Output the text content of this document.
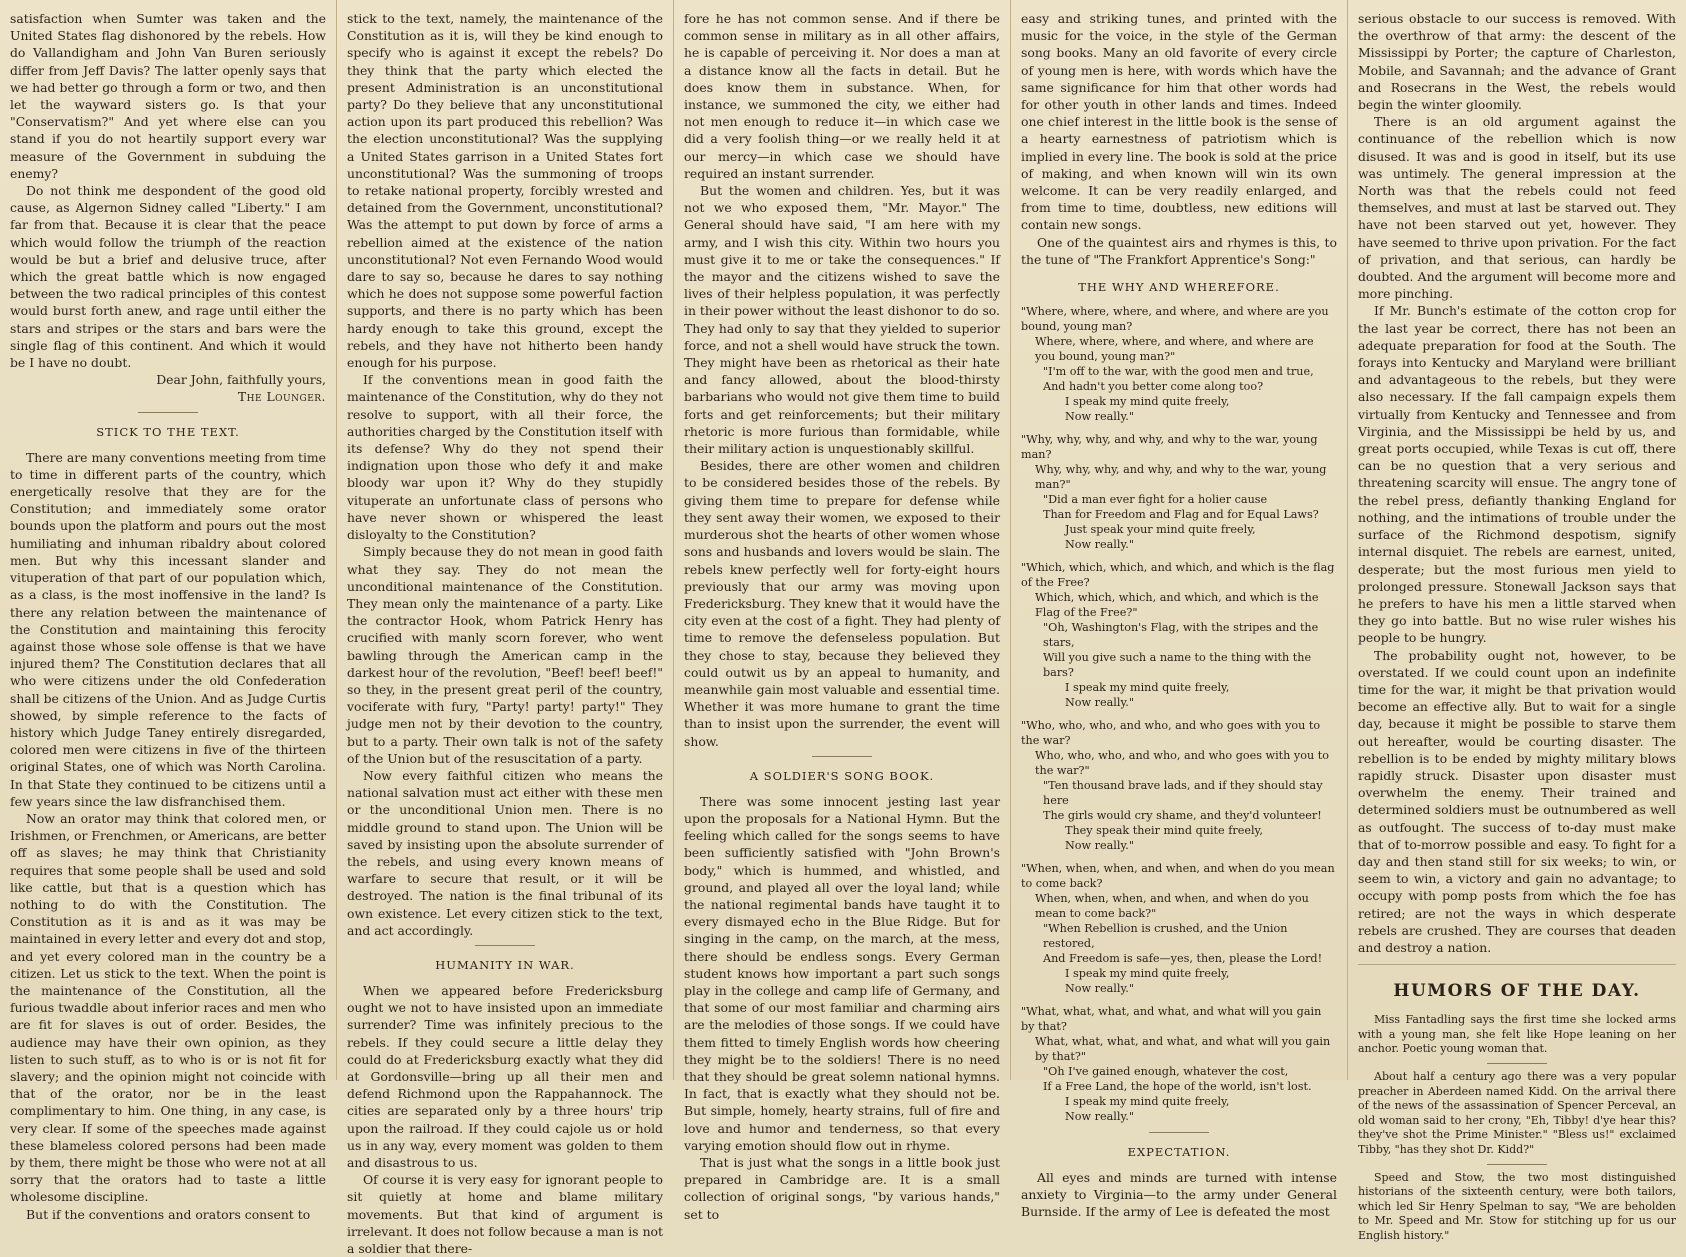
satisfaction when Sumter was taken and the United States flag dishonored by the rebels. How do Vallandigham and John Van Buren seriously differ from Jeff Davis? The latter openly says that we had better go through a form or two, and then let the wayward sisters go. Is that your "Conservatism?" And yet where else can you stand if you do not heartily support every war measure of the Government in subduing the enemy?

Do not think me despondent of the good old cause, as Algernon Sidney called "Liberty." I am far from that. Because it is clear that the peace which would follow the triumph of the reaction would be but a brief and delusive truce, after which the great battle which is now engaged between the two radical principles of this contest would burst forth anew, and rage until either the stars and stripes or the stars and bars were the single flag of this continent. And which it would be I have no doubt.

Dear John, faithfully yours,

The Lounger.

STICK TO THE TEXT.

There are many conventions meeting from time to time in different parts of the country, which energetically resolve that they are for the Constitution; and immediately some orator bounds upon the platform and pours out the most humiliating and inhuman ribaldry about colored men. But why this incessant slander and vituperation of that part of our population which, as a class, is the most inoffensive in the land? Is there any relation between the maintenance of the Constitution and maintaining this ferocity against those whose sole offense is that we have injured them? The Constitution declares that all who were citizens under the old Confederation shall be citizens of the Union. And as Judge Curtis showed, by simple reference to the facts of history which Judge Taney entirely disregarded, colored men were citizens in five of the thirteen original States, one of which was North Carolina. In that State they continued to be citizens until a few years since the law disfranchised them.

Now an orator may think that colored men, or Irishmen, or Frenchmen, or Americans, are better off as slaves; he may think that Christianity requires that some people shall be used and sold like cattle, but that is a question which has nothing to do with the Constitution. The Constitution as it is and as it was may be maintained in every letter and every dot and stop, and yet every colored man in the country be a citizen. Let us stick to the text. When the point is the maintenance of the Constitution, all the furious twaddle about inferior races and men who are fit for slaves is out of order. Besides, the audience may have their own opinion, as they listen to such stuff, as to who is or is not fit for slavery; and the opinion might not coincide with that of the orator, nor be in the least complimentary to him. One thing, in any case, is very clear. If some of the speeches made against these blameless colored persons had been made by them, there might be those who were not at all sorry that the orators had to taste a little wholesome discipline.

But if the conventions and orators consent to

stick to the text, namely, the maintenance of the Constitution as it is, will they be kind enough to specify who is against it except the rebels? Do they think that the party which elected the present Administration is an unconstitutional party? Do they believe that any unconstitutional action upon its part produced this rebellion? Was the election unconstitutional? Was the supplying a United States garrison in a United States fort unconstitutional? Was the summoning of troops to retake national property, forcibly wrested and detained from the Government, unconstitutional? Was the attempt to put down by force of arms a rebellion aimed at the existence of the nation unconstitutional? Not even Fernando Wood would dare to say so, because he dares to say nothing which he does not suppose some powerful faction supports, and there is no party which has been hardy enough to take this ground, except the rebels, and they have not hitherto been handy enough for his purpose.

If the conventions mean in good faith the maintenance of the Constitution, why do they not resolve to support, with all their force, the authorities charged by the Constitution itself with its defense? Why do they not spend their indignation upon those who defy it and make bloody war upon it? Why do they stupidly vituperate an unfortunate class of persons who have never shown or whispered the least disloyalty to the Constitution?

Simply because they do not mean in good faith what they say. They do not mean the unconditional maintenance of the Constitution. They mean only the maintenance of a party. Like the contractor Hook, whom Patrick Henry has crucified with manly scorn forever, who went bawling through the American camp in the darkest hour of the revolution, "Beef! beef! beef!" so they, in the present great peril of the country, vociferate with fury, "Party! party! party!" They judge men not by their devotion to the country, but to a party. Their own talk is not of the safety of the Union but of the resuscitation of a party.

Now every faithful citizen who means the national salvation must act either with these men or the unconditional Union men. There is no middle ground to stand upon. The Union will be saved by insisting upon the absolute surrender of the rebels, and using every known means of warfare to secure that result, or it will be destroyed. The nation is the final tribunal of its own existence. Let every citizen stick to the text, and act accordingly.

HUMANITY IN WAR.

When we appeared before Fredericksburg ought we not to have insisted upon an immediate surrender? Time was infinitely precious to the rebels. If they could secure a little delay they could do at Fredericksburg exactly what they did at Gordonsville—bring up all their men and defend Richmond upon the Rappahannock. The cities are separated only by a three hours' trip upon the railroad. If they could cajole us or hold us in any way, every moment was golden to them and disastrous to us.

Of course it is very easy for ignorant people to sit quietly at home and blame military movements. But that kind of argument is irrelevant. It does not follow because a man is not a soldier that there-

fore he has not common sense. And if there be common sense in military as in all other affairs, he is capable of perceiving it. Nor does a man at a distance know all the facts in detail. But he does know them in substance. When, for instance, we summoned the city, we either had not men enough to reduce it—in which case we did a very foolish thing—or we really held it at our mercy—in which case we should have required an instant surrender.

But the women and children. Yes, but it was not we who exposed them, "Mr. Mayor." The General should have said, "I am here with my army, and I wish this city. Within two hours you must give it to me or take the consequences." If the mayor and the citizens wished to save the lives of their helpless population, it was perfectly in their power without the least dishonor to do so. They had only to say that they yielded to superior force, and not a shell would have struck the town. They might have been as rhetorical as their hate and fancy allowed, about the blood-thirsty barbarians who would not give them time to build forts and get reinforcements; but their military rhetoric is more furious than formidable, while their military action is unquestionably skillful.

Besides, there are other women and children to be considered besides those of the rebels. By giving them time to prepare for defense while they sent away their women, we exposed to their murderous shot the hearts of other women whose sons and husbands and lovers would be slain. The rebels knew perfectly well for forty-eight hours previously that our army was moving upon Fredericksburg. They knew that it would have the city even at the cost of a fight. They had plenty of time to remove the defenseless population. But they chose to stay, because they believed they could outwit us by an appeal to humanity, and meanwhile gain most valuable and essential time. Whether it was more humane to grant the time than to insist upon the surrender, the event will show.

A SOLDIER'S SONG BOOK.

There was some innocent jesting last year upon the proposals for a National Hymn. But the feeling which called for the songs seems to have been sufficiently satisfied with "John Brown's body," which is hummed, and whistled, and ground, and played all over the loyal land; while the national regimental bands have taught it to every dismayed echo in the Blue Ridge. But for singing in the camp, on the march, at the mess, there should be endless songs. Every German student knows how important a part such songs play in the college and camp life of Germany, and that some of our most familiar and charming airs are the melodies of those songs. If we could have them fitted to timely English words how cheering they might be to the soldiers! There is no need that they should be great solemn national hymns. In fact, that is exactly what they should not be. But simple, homely, hearty strains, full of fire and love and humor and tenderness, so that every varying emotion should flow out in rhyme.

That is just what the songs in a little book just prepared in Cambridge are. It is a small collection of original songs, "by various hands," set to

easy and striking tunes, and printed with the music for the voice, in the style of the German song books. Many an old favorite of every circle of young men is here, with words which have the same significance for him that other words had for other youth in other lands and times. Indeed one chief interest in the little book is the sense of a hearty earnestness of patriotism which is implied in every line. The book is sold at the price of making, and when known will win its own welcome. It can be very readily enlarged, and from time to time, doubtless, new editions will contain new songs.

One of the quaintest airs and rhymes is this, to the tune of "The Frankfort Apprentice's Song:"

THE WHY AND WHEREFORE.
"Where, where, where, and where, and where are you bound, young man?
Where, where, where, and where, and where are you bound, young man?"
"I'm off to the war, with the good men and true,
And hadn't you better come along too?
I speak my mind quite freely,
Now really."
"Why, why, why, and why, and why to the war, young man?
Why, why, why, and why, and why to the war, young man?"
"Did a man ever fight for a holier cause
Than for Freedom and Flag and for Equal Laws?
Just speak your mind quite freely,
Now really."
"Which, which, which, and which, and which is the flag of the Free?
Which, which, which, and which, and which is the Flag of the Free?"
"Oh, Washington's Flag, with the stripes and the stars,
Will you give such a name to the thing with the bars?
I speak my mind quite freely,
Now really."
"Who, who, who, and who, and who goes with you to the war?
Who, who, who, and who, and who goes with you to the war?"
"Ten thousand brave lads, and if they should stay here
The girls would cry shame, and they'd volunteer!
They speak their mind quite freely,
Now really."
"When, when, when, and when, and when do you mean to come back?
When, when, when, and when, and when do you mean to come back?"
"When Rebellion is crushed, and the Union restored,
And Freedom is safe—yes, then, please the Lord!
I speak my mind quite freely,
Now really."
"What, what, what, and what, and what will you gain by that?
What, what, what, and what, and what will you gain by that?"
"Oh I've gained enough, whatever the cost,
If a Free Land, the hope of the world, isn't lost.
I speak my mind quite freely,
Now really."
EXPECTATION.

All eyes and minds are turned with intense anxiety to Virginia—to the army under General Burnside. If the army of Lee is defeated the most

serious obstacle to our success is removed. With the overthrow of that army: the descent of the Mississippi by Porter; the capture of Charleston, Mobile, and Savannah; and the advance of Grant and Rosecrans in the West, the rebels would begin the winter gloomily.

There is an old argument against the continuance of the rebellion which is now disused. It was and is good in itself, but its use was untimely. The general impression at the North was that the rebels could not feed themselves, and must at last be starved out. They have not been starved out yet, however. They have seemed to thrive upon privation. For the fact of privation, and that serious, can hardly be doubted. And the argument will become more and more pinching.

If Mr. Bunch's estimate of the cotton crop for the last year be correct, there has not been an adequate preparation for food at the South. The forays into Kentucky and Maryland were brilliant and advantageous to the rebels, but they were also necessary. If the fall campaign expels them virtually from Kentucky and Tennessee and from Virginia, and the Mississippi be held by us, and great ports occupied, while Texas is cut off, there can be no question that a very serious and threatening scarcity will ensue. The angry tone of the rebel press, defiantly thanking England for nothing, and the intimations of trouble under the surface of the Richmond despotism, signify internal disquiet. The rebels are earnest, united, desperate; but the most furious men yield to prolonged pressure. Stonewall Jackson says that he prefers to have his men a little starved when they go into battle. But no wise ruler wishes his people to be hungry.

The probability ought not, however, to be overstated. If we could count upon an indefinite time for the war, it might be that privation would become an effective ally. But to wait for a single day, because it might be possible to starve them out hereafter, would be courting disaster. The rebellion is to be ended by mighty military blows rapidly struck. Disaster upon disaster must overwhelm the enemy. Their trained and determined soldiers must be outnumbered as well as outfought. The success of to-day must make that of to-morrow possible and easy. To fight for a day and then stand still for six weeks; to win, or seem to win, a victory and gain no advantage; to occupy with pomp posts from which the foe has retired; are not the ways in which desperate rebels are crushed. They are courses that deaden and destroy a nation.

HUMORS OF THE DAY.

Miss Fantadling says the first time she locked arms with a young man, she felt like Hope leaning on her anchor. Poetic young woman that.

About half a century ago there was a very popular preacher in Aberdeen named Kidd. On the arrival there of the news of the assassination of Spencer Perceval, an old woman said to her crony, "Eh, Tibby! d'ye hear this? they've shot the Prime Minister." "Bless us!" exclaimed Tibby, "has they shot Dr. Kidd?"

Speed and Stow, the two most distinguished historians of the sixteenth century, were both tailors, which led Sir Henry Spelman to say, "We are beholden to Mr. Speed and Mr. Stow for stitching up for us our English history."
